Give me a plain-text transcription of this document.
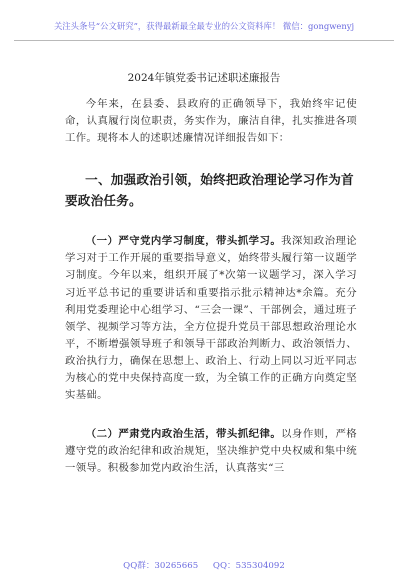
关注头条号“公文研究”，获得最新最全最专业的公文资料库！ 微信：gongwenyj
2024年镇党委书记述职述廉报告

今年来，在县委、县政府的正确领导下，我始终牢记使命，认真履行岗位职责，务实作为，廉洁自律，扎实推进各项工作。现将本人的述职述廉情况详细报告如下：

一、加强政治引领，始终把政治理论学习作为首要政治任务。

（一）严守党内学习制度，带头抓学习。我深知政治理论学习对于工作开展的重要指导意义，始终带头履行第一议题学习制度。今年以来，组织开展了*次第一议题学习，深入学习习近平总书记的重要讲话和重要指示批示精神达*余篇。充分利用党委理论中心组学习、“三会一课”、干部例会，通过班子领学、视频学习等方法，全方位提升党员干部思想政治理论水平，不断增强领导班子和领导干部政治判断力、政治领悟力、政治执行力，确保在思想上、政治上、行动上同以习近平同志为核心的党中央保持高度一致，为全镇工作的正确方向奠定坚实基础。

（二）严肃党内政治生活，带头抓纪律。以身作则，严格遵守党的政治纪律和政治规矩，坚决维护党中央权威和集中统一领导。积极参加党内政治生活，认真落实“三

QQ群：30265665 QQ：535304092
